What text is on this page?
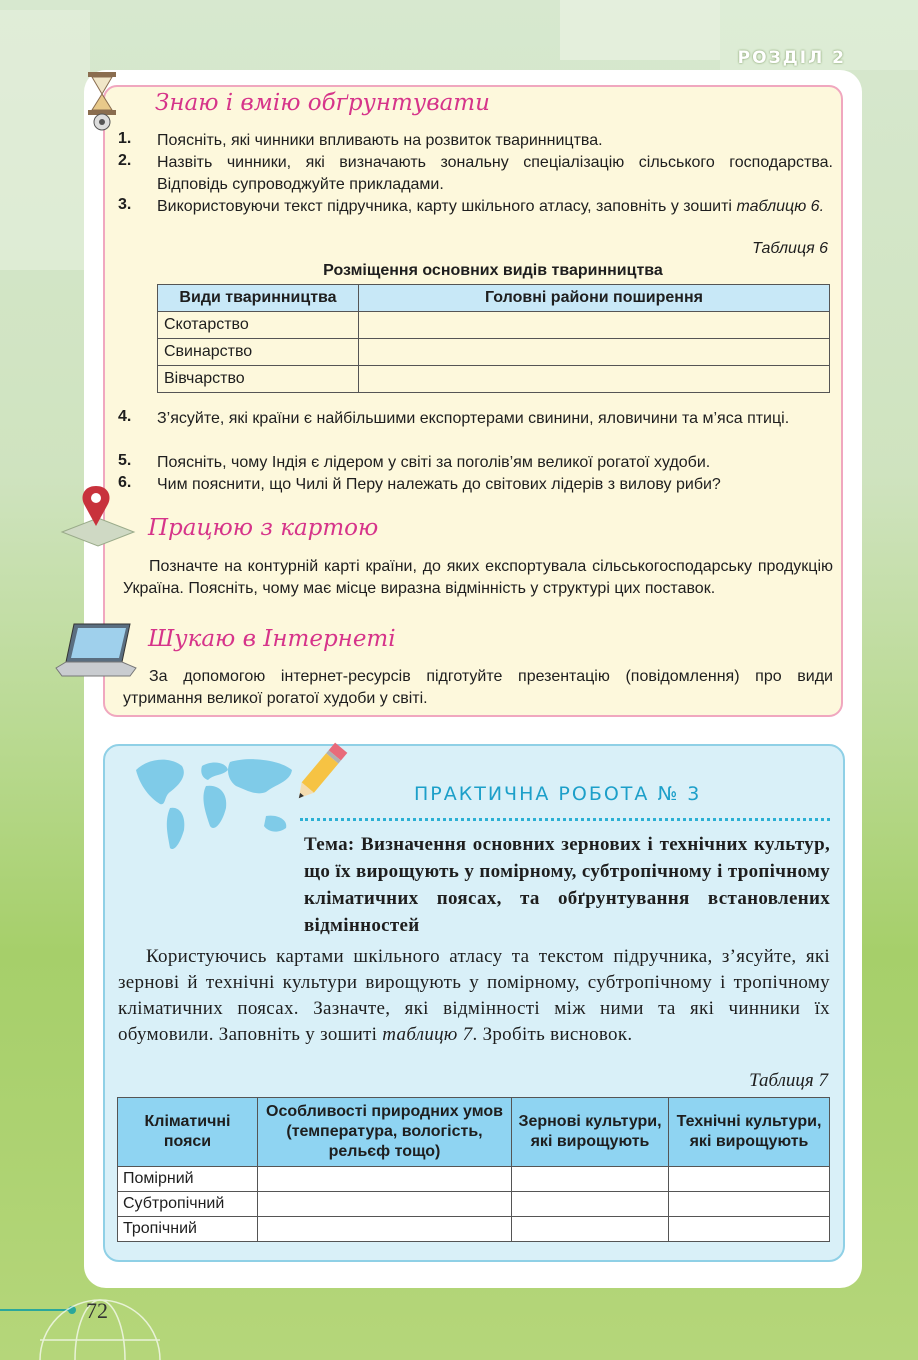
РОЗДІЛ 2
Знаю і вмію обґрунтувати
1. Поясніть, які чинники впливають на розвиток тваринництва.
2. Назвіть чинники, які визначають зональну спеціалізацію сільського господарства. Відповідь супроводжуйте прикладами.
3. Використовуючи текст підручника, карту шкільного атласу, заповніть у зошиті таблицю 6.
Таблиця 6
Розміщення основних видів тваринництва
Види тваринництва	Головні райони поширення
Скотарство	
Свинарство	
Вівчарство	
4. З’ясуйте, які країни є найбільшими експортерами свинини, яловичини та м’яса птиці.
5. Поясніть, чому Індія є лідером у світі за поголів’ям великої рогатої худоби.
6. Чим пояснити, що Чилі й Перу належать до світових лідерів з вилову риби?
Працюю з картою
Позначте на контурній карті країни, до яких експортувала сільськогосподарську продукцію Україна. Поясніть, чому має місце виразна відмінність у структурі цих поставок.
Шукаю в Інтернеті
За допомогою інтернет-ресурсів підготуйте презентацію (повідомлення) про види утримання великої рогатої худоби у світі.
ПРАКТИЧНА РОБОТА № 3
Тема: Визначення основних зернових і технічних культур, що їх вирощують у помірному, субтропічному і тропічному кліматичних поясах, та обґрунтування встановлених відмінностей
Користуючись картами шкільного атласу та текстом підручника, з’ясуйте, які зернові й технічні культури вирощують у помірному, субтропічному і тропічному кліматичних поясах. Зазначте, які відмінності між ними та які чинники їх обумовили. Заповніть у зошиті таблицю 7. Зробіть висновок.
Таблиця 7
Кліматичні пояси	Особливості природних умов (температура, вологість, рельєф тощо)	Зернові культури, які вирощують	Технічні культури, які вирощують
Помірний			
Субтропічний			
Тропічний			
72
